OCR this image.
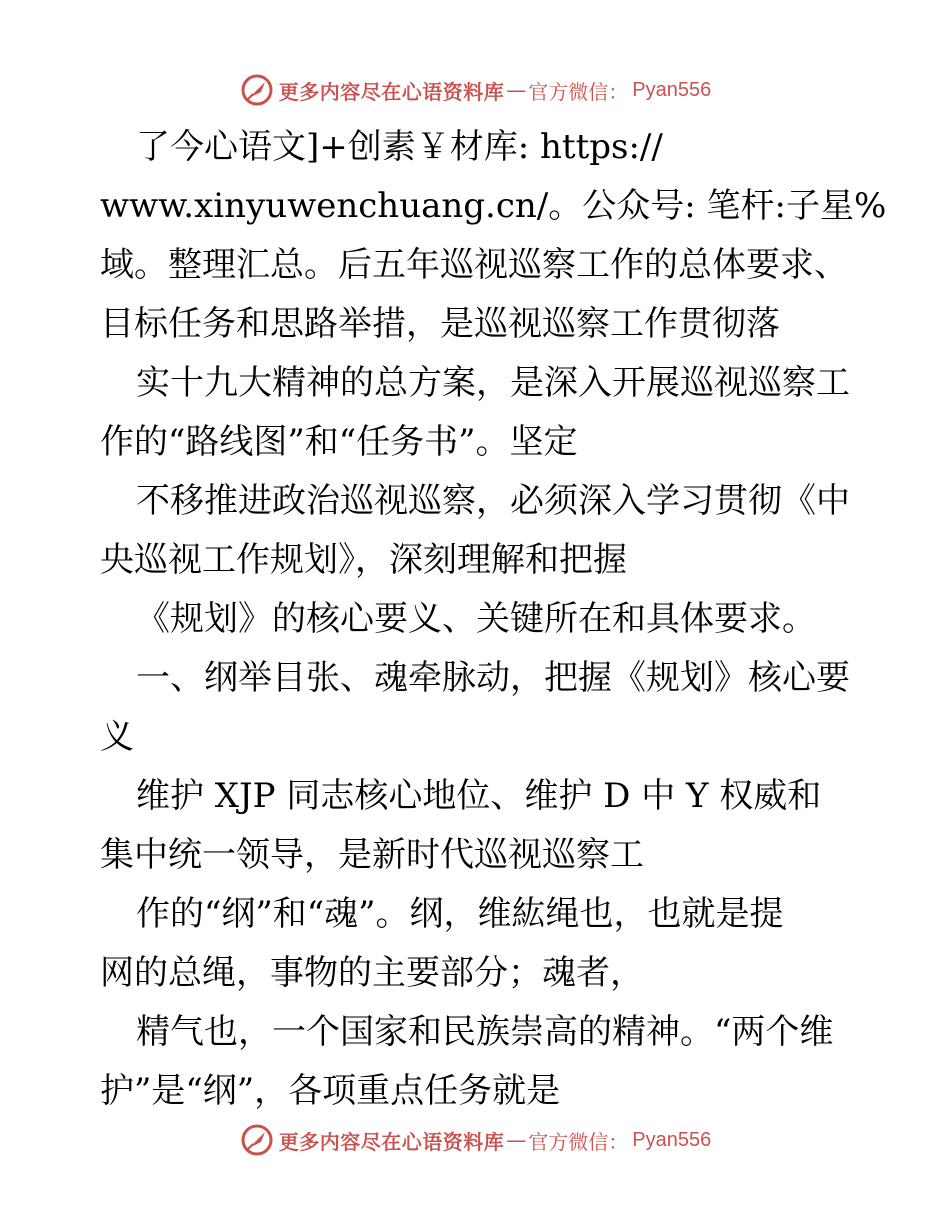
更多内容尽在心语资料库 — 官方微信： Pyan556
了今心语文]+创素￥材库: https://
www.xinyuwenchuang.cn/。公众号: 笔杆:子星%
域。整理汇总。后五年巡视巡察工作的总体要求、
目标任务和思路举措，是巡视巡察工作贯彻落
实十九大精神的总方案，是深入开展巡视巡察工
作的“路线图”和“任务书”。坚定
不移推进政治巡视巡察，必须深入学习贯彻《中
央巡视工作规划》，深刻理解和把握
《规划》的核心要义、关键所在和具体要求。
一、纲举目张、魂牵脉动，把握《规划》核心要
义
维护 XJP 同志核心地位、维护 D 中 Y 权威和
集中统一领导，是新时代巡视巡察工
作的“纲”和“魂”。纲，维紘绳也，也就是提
网的总绳，事物的主要部分；魂者，
精气也，一个国家和民族崇高的精神。“两个维
护”是“纲”，各项重点任务就是
更多内容尽在心语资料库 — 官方微信： Pyan556
